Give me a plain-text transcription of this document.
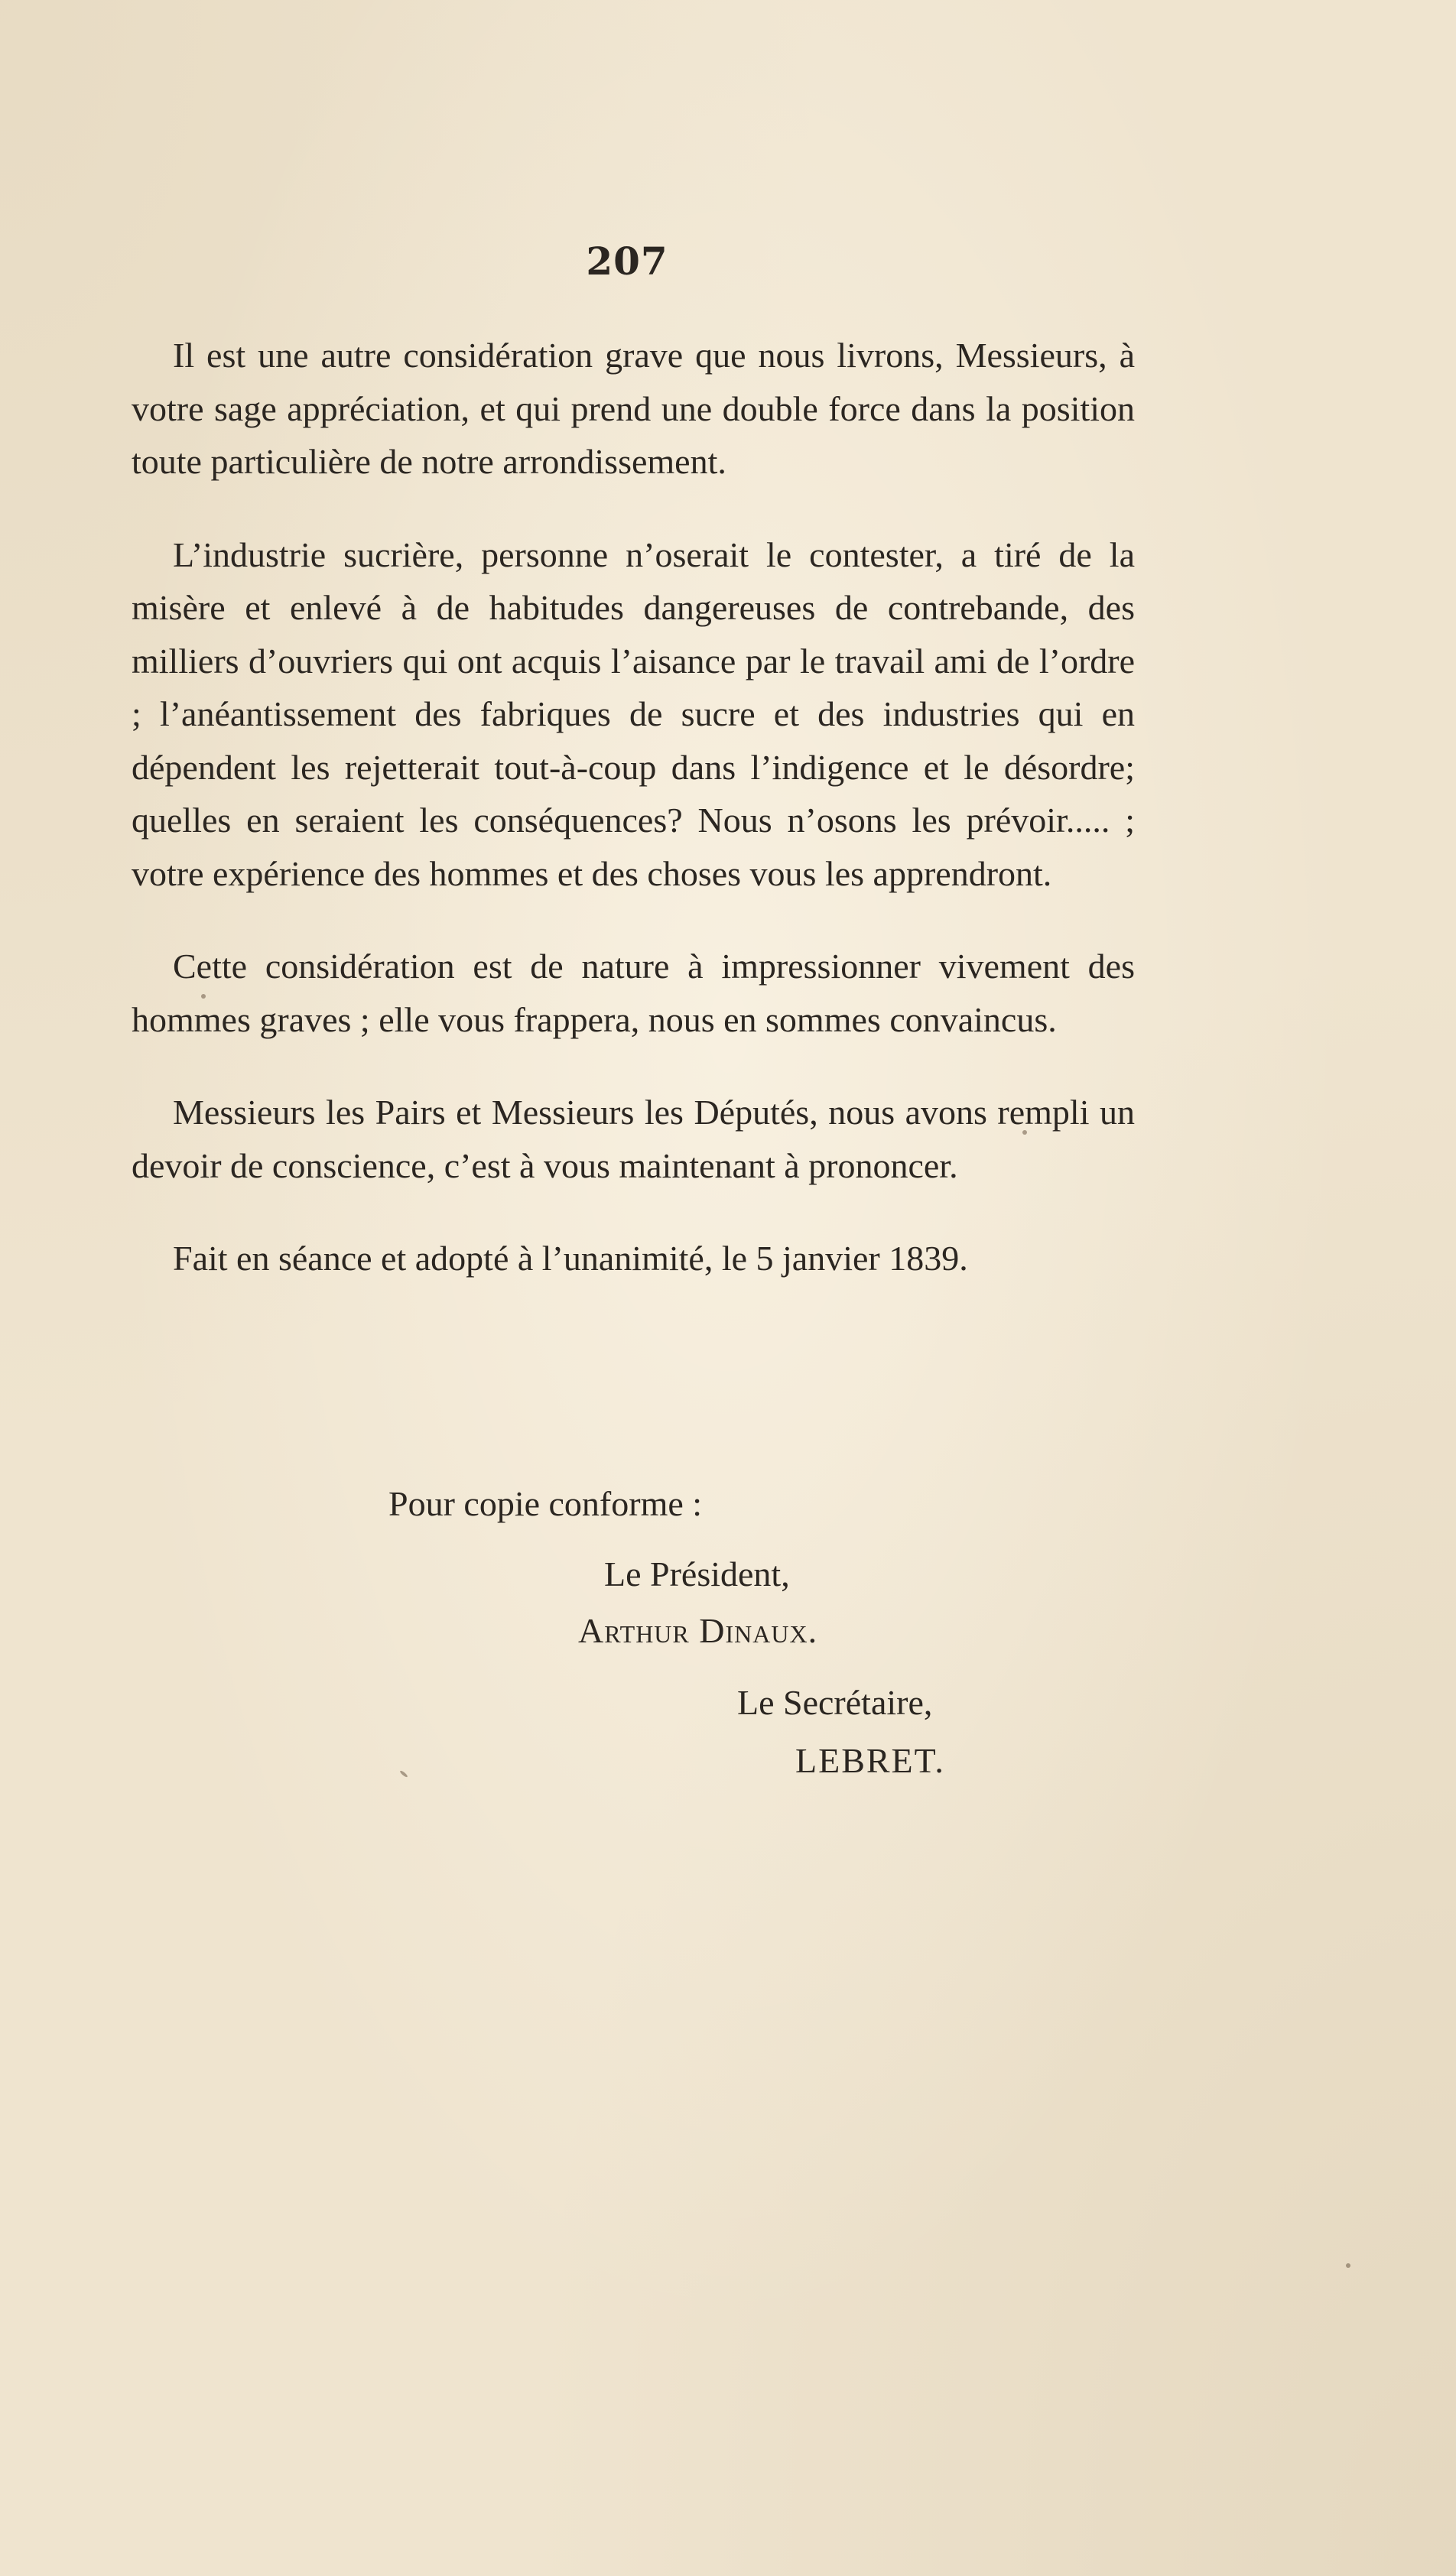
207

Il est une autre considération grave que nous livrons, Messieurs, à votre sage appréciation, et qui prend une double force dans la position toute particulière de notre arrondissement.

L’industrie sucrière, personne n’oserait le contester, a tiré de la misère et enlevé à de habitudes dangereuses de contrebande, des milliers d’ouvriers qui ont acquis l’aisance par le travail ami de l’ordre ; l’anéantissement des fabriques de sucre et des industries qui en dépendent les rejetterait tout-à-coup dans l’indigence et le désordre; quelles en seraient les conséquences? Nous n’osons les prévoir..... ; votre expérience des hommes et des choses vous les apprendront.

Cette considération est de nature à impressionner vivement des hommes graves ; elle vous frappera, nous en sommes convaincus.

Messieurs les Pairs et Messieurs les Députés, nous avons rempli un devoir de conscience, c’est à vous maintenant à prononcer.

Fait en séance et adopté à l’unanimité, le 5 janvier 1839.

Pour copie conforme :
Le Président,
Arthur Dinaux.
Le Secrétaire,
LEBRET.
